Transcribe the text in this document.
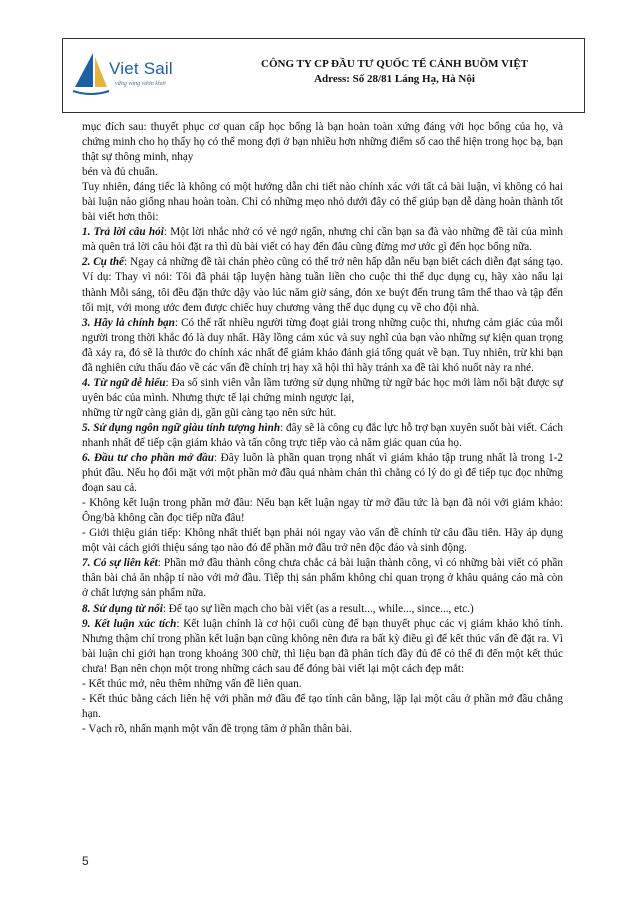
Viet Sail
vững vàng vươn khơi
CÔNG TY CP ĐẦU TƯ QUỐC TẾ CÁNH BUỒM VIỆT
Adress: Số 28/81 Láng Hạ, Hà Nội

mục đích sau: thuyết phục cơ quan cấp học bổng là bạn hoàn toàn xứng đáng với học bổng của họ, và chứng minh cho họ thấy họ có thể mong đợi ở bạn nhiều hơn những điểm số cao thể hiện trong học bạ, bạn thật sự thông minh, nhạy

bén và đủ chuẩn.

Tuy nhiên, đáng tiếc là không có một hướng dẫn chi tiết nào chính xác với tất cả bài luận, vì không có hai bài luận nào giống nhau hoàn toàn. Chỉ có những mẹo nhỏ dưới đây có thể giúp bạn dễ dàng hoàn thành tốt bài viết hơn thôi:

1. Trả lời câu hỏi: Một lời nhắc nhở có vẻ ngớ ngẩn, nhưng chỉ cần bạn sa đà vào những đề tài của mình mà quên trả lời câu hỏi đặt ra thì dù bài viết có hay đến đâu cũng đừng mơ ước gì đến học bổng nữa.

2. Cụ thể: Ngay cả những đề tài chán phèo cũng có thể trở nên hấp dẫn nếu bạn biết cách diễn đạt sáng tạo. Ví dụ: Thay vì nói: Tôi đã phải tập luyện hàng tuần liền cho cuộc thi thể dục dụng cụ, hãy xào nấu lại thành Mỗi sáng, tôi đều đặn thức dậy vào lúc năm giờ sáng, đón xe buýt đến trung tâm thể thao và tập đến tối mịt, với mong ước đem được chiếc huy chương vàng thể dục dụng cụ về cho đội nhà.

3. Hãy là chính bạn: Có thể rất nhiều người từng đoạt giải trong những cuộc thi, nhưng cảm giác của mỗi người trong thời khắc đó là duy nhất. Hãy lồng cảm xúc và suy nghĩ của bạn vào những sự kiện quan trọng đã xảy ra, đó sẽ là thước đo chính xác nhất để giám khảo đánh giá tổng quát về bạn. Tuy nhiên, trừ khi bạn đã nghiên cứu thấu đáo về các vấn đề chính trị hay xã hội thì hãy tránh xa đề tài khó nuốt này ra nhé.

4. Từ ngữ dễ hiểu: Đa số sinh viên vẫn lầm tưởng sử dụng những từ ngữ bác học mới làm nổi bật được sự uyên bác của mình. Nhưng thực tế lại chứng minh ngược lại,

những từ ngữ càng giản dị, gần gũi càng tạo nên sức hút.

5. Sử dụng ngôn ngữ giàu tính tượng hình: đây sẽ là công cụ đắc lực hỗ trợ bạn xuyên suốt bài viết. Cách nhanh nhất để tiếp cận giám khảo và tấn công trực tiếp vào cả năm giác quan của họ.

6. Đầu tư cho phần mở đầu: Đây luôn là phần quan trọng nhất vì giám khảo tập trung nhất là trong 1-2 phút đầu. Nếu họ đối mặt với một phần mở đầu quá nhàm chán thì chẳng có lý do gì để tiếp tục đọc những đoạn sau cả.

- Không kết luận trong phần mở đầu: Nếu bạn kết luận ngay từ mở đầu tức là bạn đã nói với giám khảo: Ông/bà không cần đọc tiếp nữa đâu!

- Giới thiệu gián tiếp: Không nhất thiết bạn phải nói ngay vào vấn đề chính từ câu đầu tiên. Hãy áp dụng một vài cách giới thiệu sáng tạo nào đó để phần mở đầu trở nên độc đáo và sinh động.

7. Có sự liên kết: Phần mở đầu thành công chưa chắc cả bài luận thành công, vì có những bài viết có phần thân bài chả ăn nhập tí nào với mở đầu. Tiếp thị sản phẩm không chỉ quan trọng ở khâu quảng cáo mà còn ở chất lượng sản phẩm nữa.

8. Sử dụng từ nối: Để tạo sự liền mạch cho bài viết (as a result..., while..., since..., etc.)

9. Kết luận xúc tích: Kết luận chính là cơ hội cuối cùng để bạn thuyết phục các vị giám khảo khó tính. Nhưng thậm chí trong phần kết luận bạn cũng không nên đưa ra bất kỳ điều gì để kết thúc vấn đề đặt ra. Vì bài luận chỉ giới hạn trong khoảng 300 chữ, thì liệu bạn đã phân tích đầy đủ để có thể đi đến một kết thúc chưa! Bạn nên chọn một trong những cách sau để đóng bài viết lại một cách đẹp mắt:

- Kết thúc mở, nêu thêm những vấn đề liên quan.

- Kết thúc bằng cách liên hệ với phần mở đầu để tạo tính cân bằng, lặp lại một câu ở phần mở đầu chẳng hạn.

- Vạch rõ, nhấn mạnh một vấn đề trọng tâm ở phần thân bài.

5
